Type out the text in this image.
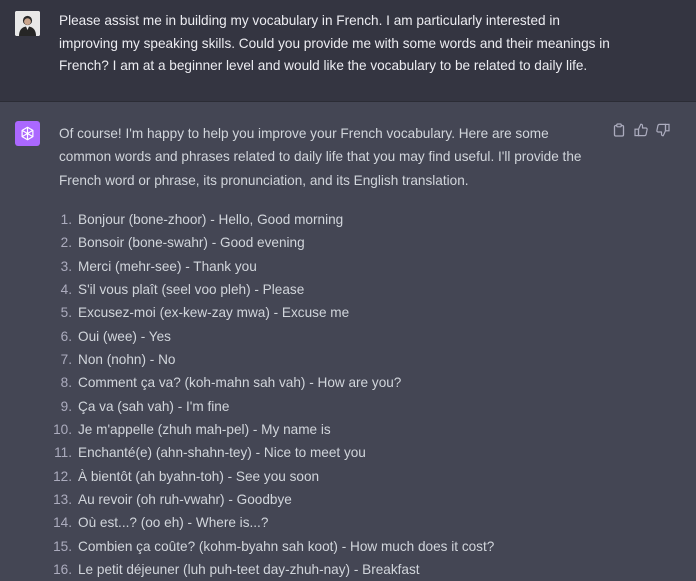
Please assist me in building my vocabulary in French. I am particularly interested in improving my speaking skills. Could you provide me with some words and their meanings in French? I am at a beginner level and would like the vocabulary to be related to daily life.

Of course! I'm happy to help you improve your French vocabulary. Here are some common words and phrases related to daily life that you may find useful. I'll provide the French word or phrase, its pronunciation, and its English translation.

1. Bonjour (bone-zhoor) - Hello, Good morning
2. Bonsoir (bone-swahr) - Good evening
3. Merci (mehr-see) - Thank you
4. S'il vous plaît (seel voo pleh) - Please
5. Excusez-moi (ex-kew-zay mwa) - Excuse me
6. Oui (wee) - Yes
7. Non (nohn) - No
8. Comment ça va? (koh-mahn sah vah) - How are you?
9. Ça va (sah vah) - I'm fine
10. Je m'appelle (zhuh mah-pel) - My name is
11. Enchanté(e) (ahn-shahn-tey) - Nice to meet you
12. À bientôt (ah byahn-toh) - See you soon
13. Au revoir (oh ruh-vwahr) - Goodbye
14. Où est...? (oo eh) - Where is...?
15. Combien ça coûte? (kohm-byahn sah koot) - How much does it cost?
16. Le petit déjeuner (luh puh-teet day-zhuh-nay) - Breakfast
